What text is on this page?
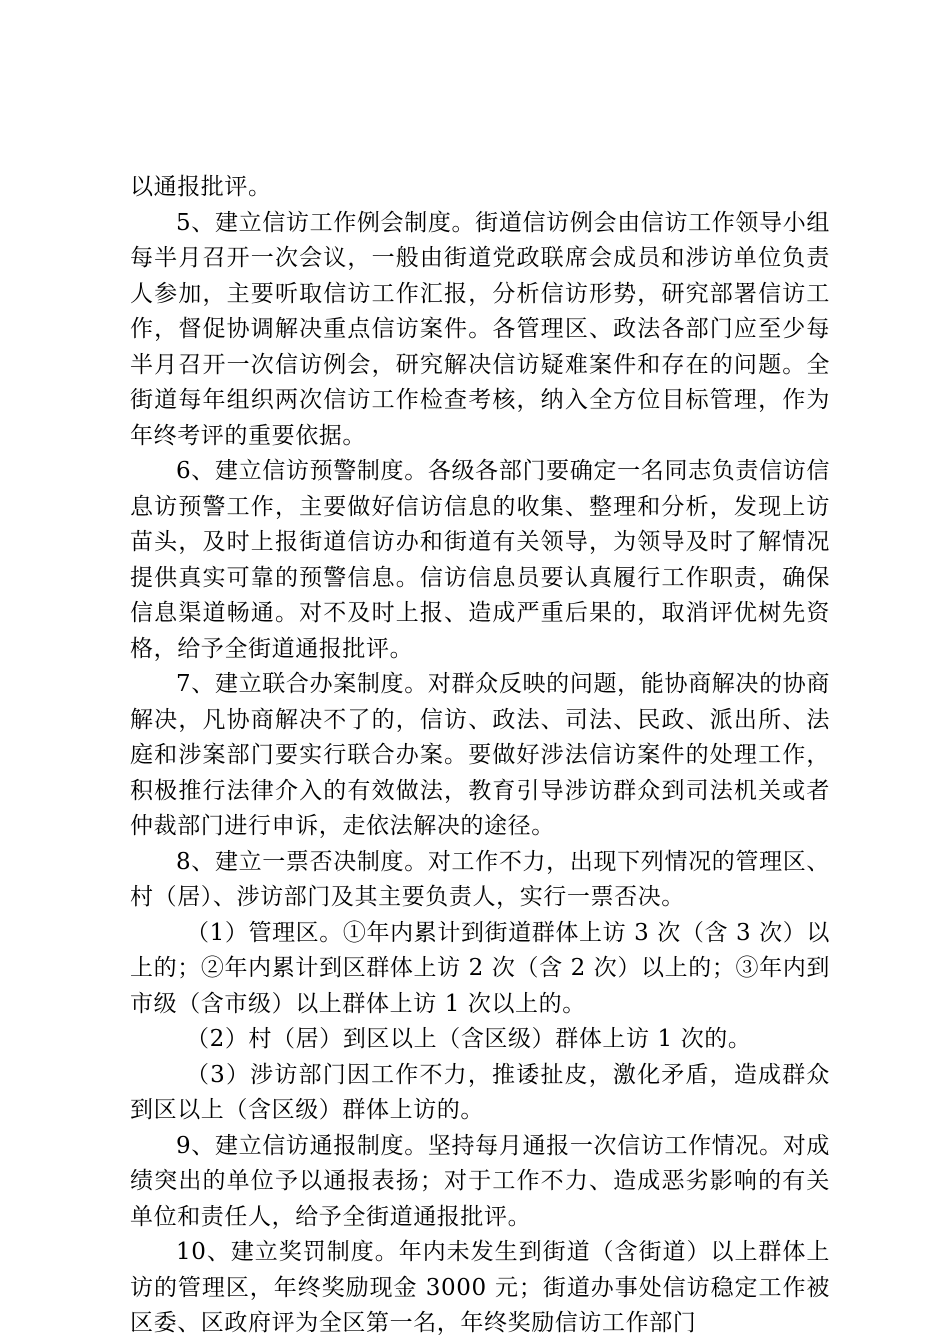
以通报批评。

5、建立信访工作例会制度。街道信访例会由信访工作领导小组每半月召开一次会议，一般由街道党政联席会成员和涉访单位负责人参加，主要听取信访工作汇报，分析信访形势，研究部署信访工作，督促协调解决重点信访案件。各管理区、政法各部门应至少每半月召开一次信访例会，研究解决信访疑难案件和存在的问题。全街道每年组织两次信访工作检查考核，纳入全方位目标管理，作为年终考评的重要依据。

6、建立信访预警制度。各级各部门要确定一名同志负责信访信息访预警工作，主要做好信访信息的收集、整理和分析，发现上访苗头，及时上报街道信访办和街道有关领导，为领导及时了解情况提供真实可靠的预警信息。信访信息员要认真履行工作职责，确保信息渠道畅通。对不及时上报、造成严重后果的，取消评优树先资格，给予全街道通报批评。

7、建立联合办案制度。对群众反映的问题，能协商解决的协商解决，凡协商解决不了的，信访、政法、司法、民政、派出所、法庭和涉案部门要实行联合办案。要做好涉法信访案件的处理工作，积极推行法律介入的有效做法，教育引导涉访群众到司法机关或者仲裁部门进行申诉，走依法解决的途径。

8、建立一票否决制度。对工作不力，出现下列情况的管理区、村（居）、涉访部门及其主要负责人，实行一票否决。

（1）管理区。①年内累计到街道群体上访 3 次（含 3 次）以上的；②年内累计到区群体上访 2 次（含 2 次）以上的；③年内到市级（含市级）以上群体上访 1 次以上的。

（2）村（居）到区以上（含区级）群体上访 1 次的。

（3）涉访部门因工作不力，推诿扯皮，激化矛盾，造成群众到区以上（含区级）群体上访的。

9、建立信访通报制度。坚持每月通报一次信访工作情况。对成绩突出的单位予以通报表扬；对于工作不力、造成恶劣影响的有关单位和责任人，给予全街道通报批评。

10、建立奖罚制度。年内未发生到街道（含街道）以上群体上访的管理区，年终奖励现金 3000 元；街道办事处信访稳定工作被区委、区政府评为全区第一名，年终奖励信访工作部门
